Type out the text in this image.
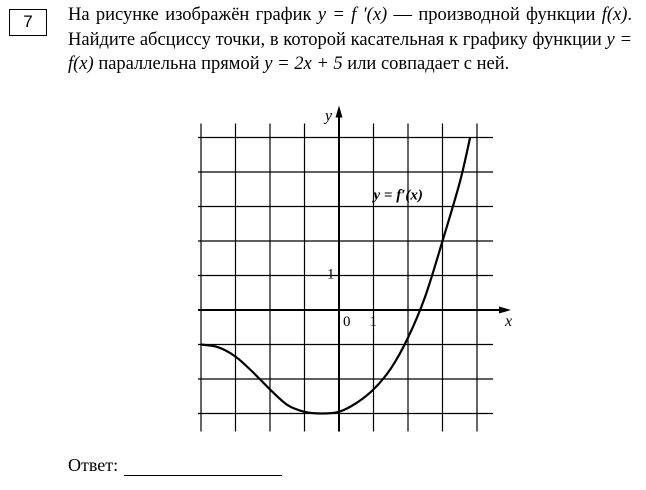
7	На рисунке изображён график y = f ′(x) — производной функции f(x). Найдите абсциссу точки, в которой касательная к графику функции y = f(x) параллельна прямой y = 2x + 5 или совпадает с ней.

x
y
0 1
1
y = f′(x)
Ответ:
